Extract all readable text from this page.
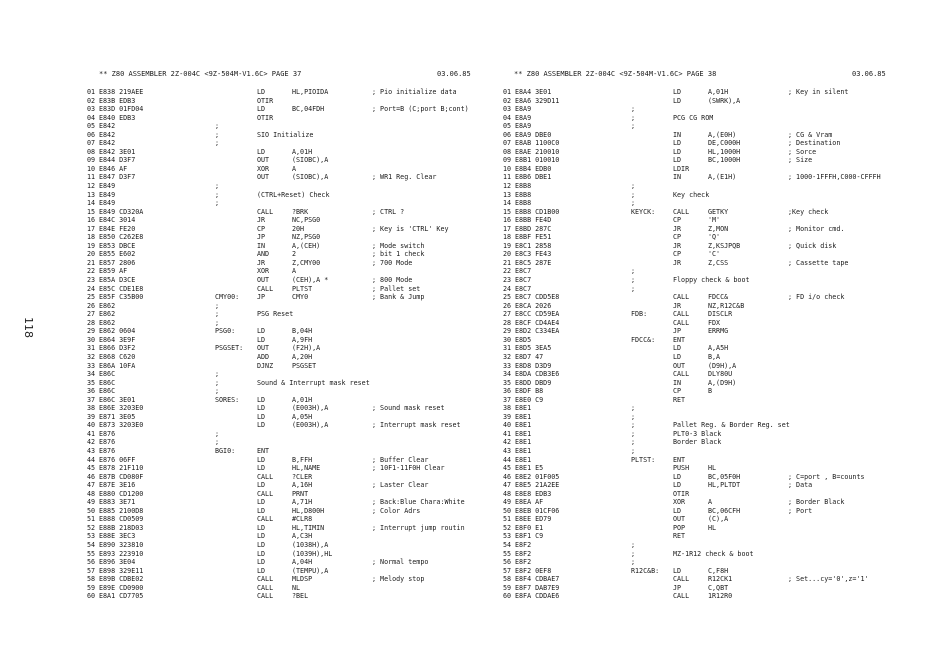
** Z80 ASSEMBLER 2Z-004C <9Z-504M-V1.6C> PAGE 37	03.06.85	** Z80 ASSEMBLER 2Z-004C <9Z-504M-V1.6C> PAGE 38	03.06.85
01 E838 219AEE	LD	HL,PIOIDA	; Pio initialize data
02 E83B EDB3	OTIR
03 E83D 01FD04	LD	BC,04FDH	; Port=B (C;port B;cont)
04 E840 EDB3	OTIR
05 E842	;
06 E842	;	SIO Initialize
07 E842	;
08 E842 3E01	LD	A,01H
09 E844 D3F7	OUT	(SIOBC),A
10 E846 AF	XOR	A
11 E847 D3F7	OUT	(SIOBC),A	; WR1 Reg. Clear
12 E849	;
13 E849	;	(CTRL+Reset) Check
14 E849	;
15 E849 CD320A	CALL	?BRK	; CTRL ?
16 E84C 3014	JR	NC,PSG0
17 E84E FE20	CP	20H	; Key is 'CTRL' Key
18 E850 C262E8	JP	NZ,PSG0
19 E853 DBCE	IN	A,(CEH)	; Mode switch
20 E855 E602	AND	2	; bit 1 check
21 E857 2806	JR	Z,CMY00	; 700 Mode
22 E859 AF	XOR	A
23 E85A D3CE	OUT	(CEH),A *	; 800 Mode
24 E85C CDE1E8	CALL	PLTST	; Pallet set
25 E85F C35B00	CMY00:	JP	CMY0	; Bank & Jump
26 E862	;
27 E862	;	PSG Reset
28 E862	;
29 E862 0604	PSG0:	LD	B,04H
30 E864 3E9F	LD	A,9FH
31 E866 D3F2	PSGSET: OUT	(F2H),A
32 E868 C620	ADD	A,20H
33 E86A 10FA	DJNZ	PSGSET
34 E86C	;
35 E86C	;	Sound & Interrupt mask reset
36 E86C	;
37 E86C 3E01	SORES:	LD	A,01H
38 E86E 3203E0	LD	(E003H),A	; Sound mask reset
39 E871 3E05	LD	A,05H
40 E873 3203E0	LD	(E003H),A	; Interrupt mask reset
41 E876	;
42 E876	;
43 E876	BGI0:	ENT
44 E876 06FF	LD	B,FFH	; Buffer Clear
45 E878 21F110	LD	HL,NAME	; 10F1-11F0H Clear
46 E87B CD080F	CALL	?CLER
47 E87E 3E16	LD	A,16H	; Laster Clear
48 E880 CD1200	CALL	PRNT
49 E883 3E71	LD	A,71H	; Back:Blue Chara:White
50 E885 2100D8	LD	HL,D800H	; Color Adrs
51 E888 CD0509	CALL	#CLR8
52 E88B 218D03	LD	HL,TIMIN	; Interrupt jump routin
53 E88E 3EC3	LD	A,C3H
54 E890 323810	LD	(1038H),A
55 E893 223910	LD	(1039H),HL
56 E896 3E04	LD	A,04H	; Normal tempo
57 E898 329E11	LD	(TEMPU),A
58 E89B CDBE02	CALL	MLDSP	; Melody stop
59 E89E CD0900	CALL	NL
60 E8A1 CD7705	CALL	?BEL
01 E8A4 3E01	LD	A,01H	; Key in silent
02 E8A6 329D11	LD	(SWRK),A
03 E8A9	;
04 E8A9	;	PCG CG ROM
05 E8A9	;
06 E8A9 DBE0	IN	A,(E0H)	; CG & Vram
07 E8AB 1100C0	LD	DE,C000H	; Destination
08 E8AE 210010	LD	HL,1000H	; Sorce
09 E8B1 010010	LD	BC,1000H	; Size
10 E8B4 EDB0	LDIR
11 E8B6 DBE1	IN	A,(E1H)	; 1000-1FFFH,C000-CFFFH
12 E8B8	;
13 E8B8	;	Key check
14 E8B8	;
15 E8B8 CD1B00	KEYCK:	CALL	GETKY	;Key check
16 E8BB FE4D	CP	'M'
17 E8BD 287C	JR	Z,MON	; Monitor cmd.
18 E8BF FE51	CP	'Q'
19 E8C1 2858	JR	Z,KSJPQB	; Quick disk
20 E8C3 FE43	CP	'C'
21 E8C5 287E	JR	Z,CSS	; Cassette tape
22 E8C7	;
23 E8C7	;	Floppy check & boot
24 E8C7	;
25 E8C7 CDD5E8	CALL	FDCC&	; FD i/o check
26 E8CA 2026	JR	NZ,R12C&B
27 E8CC CD59EA	FDB:	CALL	DISCLR
28 E8CF CD4AE4	CALL	FDX
29 E8D2 C334EA	JP	ERRMG
30 E8D5	FDCC&:	ENT
31 E8D5 3EA5	LD	A,A5H
32 E8D7 47	LD	B,A
33 E8D8 D3D9	OUT	(D9H),A
34 E8DA CDB3E6	CALL	DLY80U
35 E8DD DBD9	IN	A,(D9H)
36 E8DF B8	CP	B
37 E8E0 C9	RET
38 E8E1	;
39 E8E1	;
40 E8E1	;	Pallet Reg. & Border Reg. set
41 E8E1	;	PLT0-3 Black
42 E8E1	;	Border Black
43 E8E1	;
44 E8E1	PLTST:	ENT
45 E8E1 E5	PUSH	HL
46 E8E2 01F005	LD	BC,05F0H	; C=port , B=counts
47 E8E5 21A2EE	LD	HL,PLTDT	; Data
48 E8E8 EDB3	OTIR
49 E8EA AF	XOR	A	; Border Black
50 E8EB 01CF06	LD	BC,06CFH	; Port
51 E8EE ED79	OUT	(C),A
52 E8F0 E1	POP	HL
53 E8F1 C9	RET
54 E8F2	;
55 E8F2	;	MZ-1R12 check & boot
56 E8F2	;
57 E8F2 0EF8	R12C&B: LD	C,F8H
58 E8F4 CDBAE7	CALL	R12CK1	; Set...cy='0',z='1'
59 E8F7 DAB7E9	JP	C,QBT
60 E8FA CDDAE6	CALL	1R12R0
118
